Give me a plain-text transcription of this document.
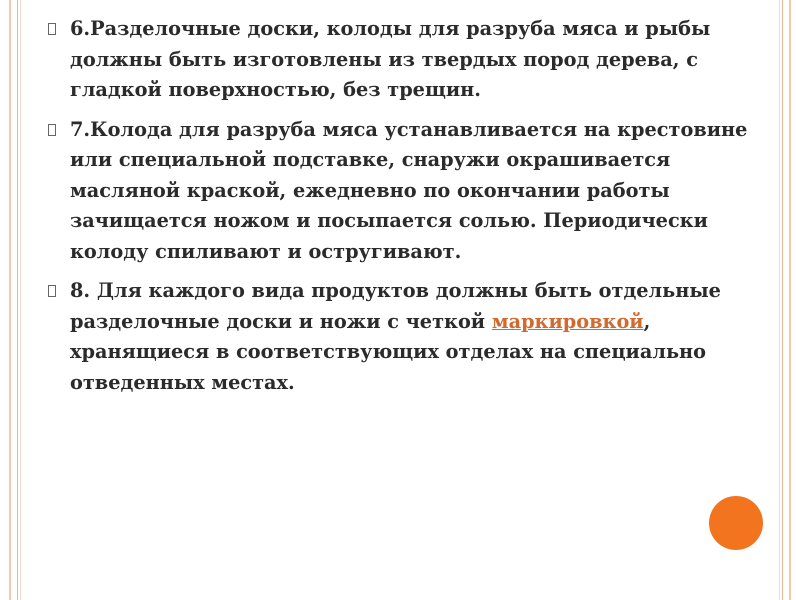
6.Разделочные доски, колоды для разруба мяса и рыбы должны быть изготовлены из твердых пород дерева, с гладкой поверхностью, без трещин.
7.Колода для разруба мяса устанавливается на крестовине или специальной подставке, снаружи окрашивается масляной краской, ежедневно по окончании работы зачищается ножом и посыпается солью. Периодически колоду спиливают и остругивают.
8. Для каждого вида продуктов должны быть отдельные разделочные доски и ножи с четкой маркировкой, хранящиеся в соответствующих отделах на специально отведенных местах.
